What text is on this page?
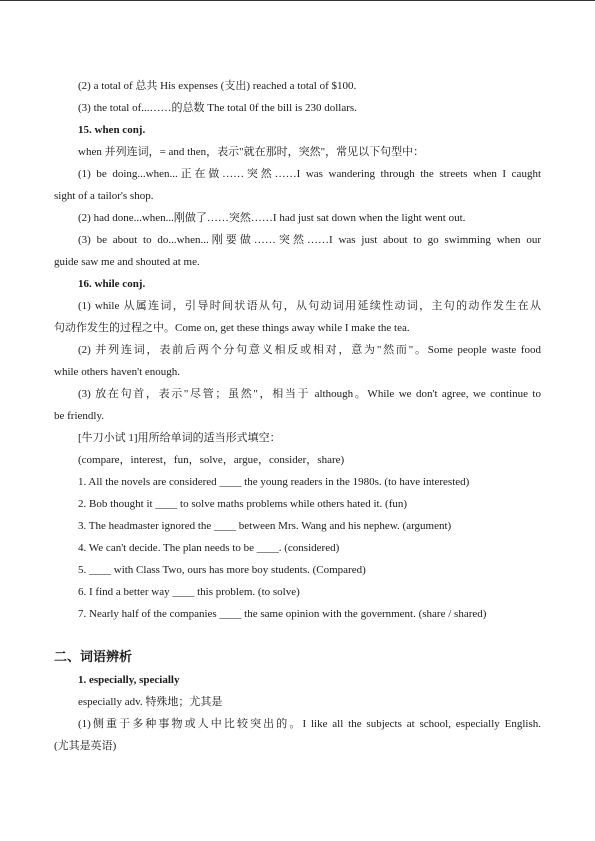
(2) a total of 总共 His expenses (支出) reached a total of $100.

(3) the total of...……的总数 The total 0f the bill is 230 dollars.

15. when conj.

when 并列连词，= and then，表示"就在那时，突然"，常见以下句型中：

(1) be doing...when...正在做……突然……I was wandering through the streets when I caught

sight of a tailor's shop.

(2) had done...when...刚做了……突然……I had just sat down when the light went out.

(3) be about to do...when...刚要做……突然……I was just about to go swimming when our

guide saw me and shouted at me.

16. while conj.

(1) while 从属连词，引导时间状语从句，从句动词用延续性动词，主句的动作发生在从

句动作发生的过程之中。Come on, get these things away while I make the tea.

(2) 并列连词，表前后两个分句意义相反或相对，意为"然而"。Some people waste food

while others haven't enough.

(3) 放在句首，表示"尽管；虽然"，相当于 although。While we don't agree, we continue to

be friendly.

[牛刀小试 1]用所给单词的适当形式填空：

(compare，interest，fun，solve，argue，consider，share)

1. All the novels are considered ____ the young readers in the 1980s. (to have interested)

2. Bob thought it ____ to solve maths problems while others hated it. (fun)

3. The headmaster ignored the ____ between Mrs. Wang and his nephew. (argument)

4. We can't decide. The plan needs to be ____. (considered)

5. ____ with Class Two, ours has more boy students. (Compared)

6. I find a better way ____ this problem. (to solve)

7. Nearly half of the companies ____ the same opinion with the government. (share / shared)

二、词语辨析

1. especially, specially

especially adv. 特殊地；尤其是

(1)侧重于多种事物或人中比较突出的。I like all the subjects at school, especially English.

(尤其是英语)
